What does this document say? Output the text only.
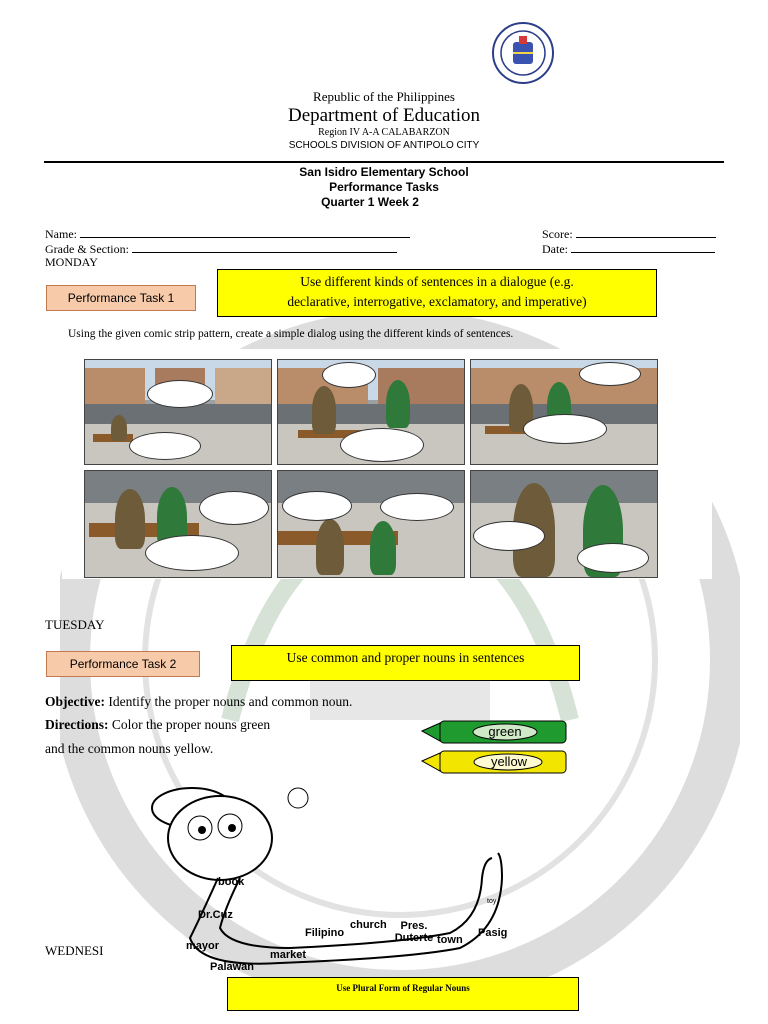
Republic of the Philippines
Department of Education
Region IV A-A CALABARZON
SCHOOLS DIVISION OF ANTIPOLO CITY
San Isidro Elementary School
Performance Tasks
Quarter 1 Week 2
Name:
Grade & Section:
Score:
Date:
MONDAY
Performance Task 1
Use different kinds of sentences in a dialogue (e.g.
declarative, interrogative, exclamatory, and imperative)
Using the given comic strip pattern, create a simple dialog using the different kinds of sentences.
TUESDAY
Performance Task 2	Use common and proper nouns in sentences
Objective: Identify the proper nouns and common noun.
Directions: Color the proper nouns green
and the common nouns yellow.
green
yellow
book
Dr.Cuz
mayor
Palawan
market
Filipino
church	Pres. Duterte town
Pasig
toy
WEDNESI
Use Plural Form of Regular Nouns
